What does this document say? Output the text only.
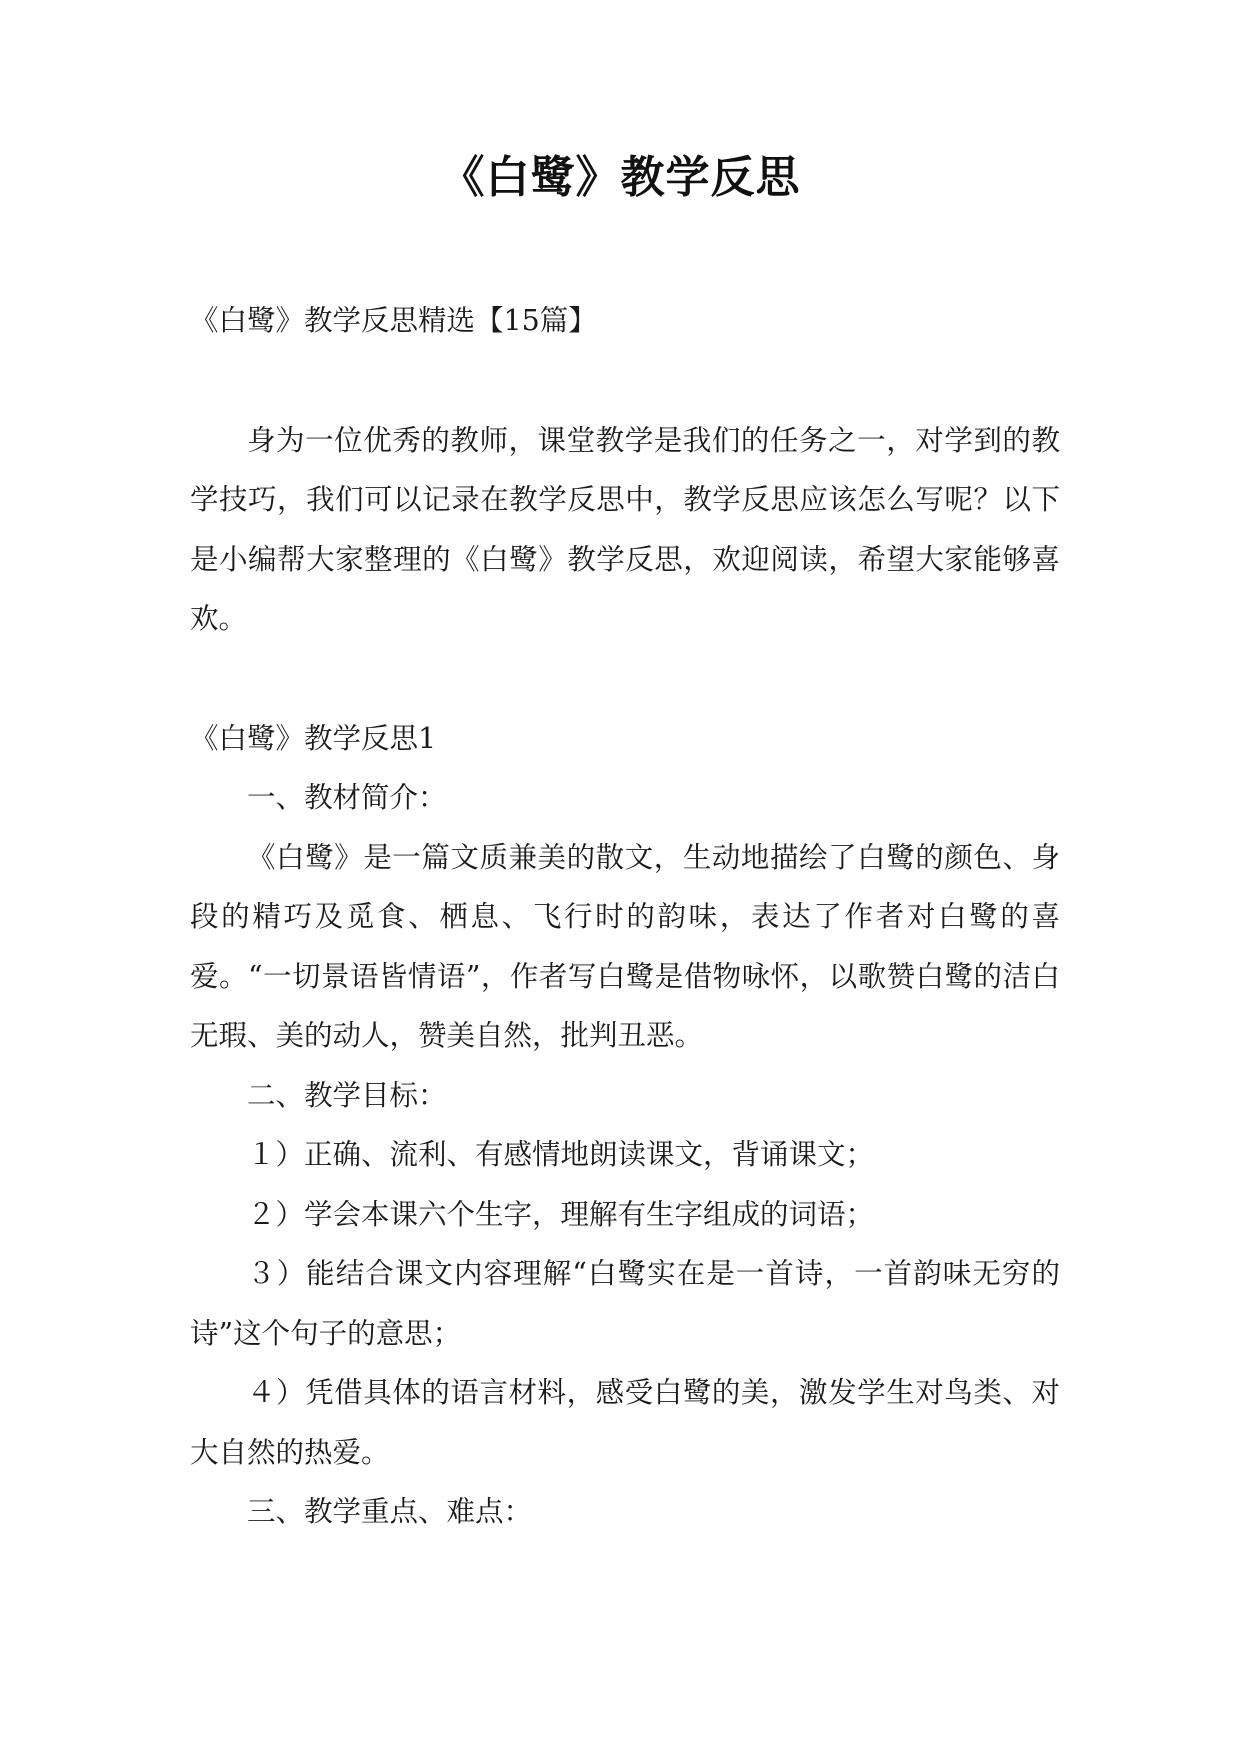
《白鹭》教学反思

《白鹭》教学反思精选【15篇】

身为一位优秀的教师，课堂教学是我们的任务之一，对学到的教学技巧，我们可以记录在教学反思中，教学反思应该怎么写呢？以下是小编帮大家整理的《白鹭》教学反思，欢迎阅读，希望大家能够喜欢。

《白鹭》教学反思1

一、教材简介：

《白鹭》是一篇文质兼美的散文，生动地描绘了白鹭的颜色、身段的精巧及觅食、栖息、飞行时的韵味，表达了作者对白鹭的喜爱。“一切景语皆情语”，作者写白鹭是借物咏怀，以歌赞白鹭的洁白无瑕、美的动人，赞美自然，批判丑恶。

二、教学目标：

１）正确、流利、有感情地朗读课文，背诵课文；

２）学会本课六个生字，理解有生字组成的词语；

３）能结合课文内容理解“白鹭实在是一首诗，一首韵味无穷的诗”这个句子的意思；

４）凭借具体的语言材料，感受白鹭的美，激发学生对鸟类、对大自然的热爱。

三、教学重点、难点：
